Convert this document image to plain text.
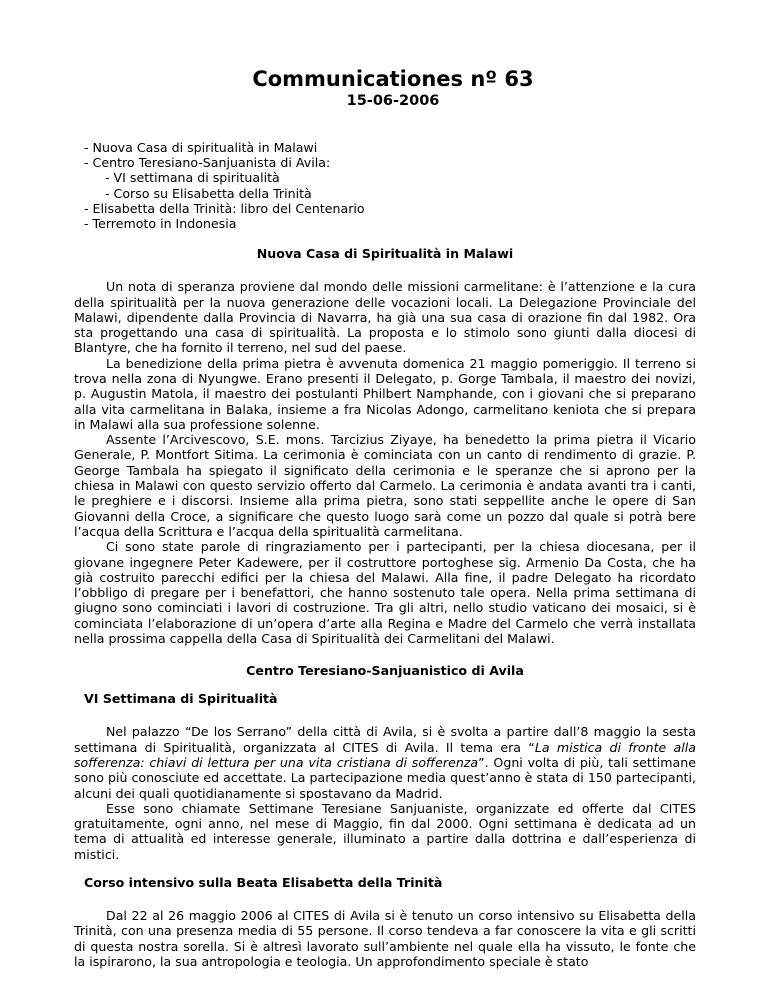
Communicationes nº 63
15-06-2006
- Nuova Casa di spiritualità in Malawi
- Centro Teresiano-Sanjuanista di Avila:
- VI settimana di spiritualità
- Corso su Elisabetta della Trinità
- Elisabetta della Trinità: libro del Centenario
- Terremoto in Indonesia
Nuova Casa di Spiritualità in Malawi

Un nota di speranza proviene dal mondo delle missioni carmelitane: è l’attenzione e la cura della spiritualità per la nuova generazione delle vocazioni locali. La Delegazione Provinciale del Malawi, dipendente dalla Provincia di Navarra, ha già una sua casa di orazione fin dal 1982. Ora sta progettando una casa di spiritualità. La proposta e lo stimolo sono giunti dalla diocesi di Blantyre, che ha fornito il terreno, nel sud del paese.

La benedizione della prima pietra è avvenuta domenica 21 maggio pomeriggio. Il terreno si trova nella zona di Nyungwe. Erano presenti il Delegato, p. Gorge Tambala, il maestro dei novizi, p. Augustin Matola, il maestro dei postulanti Philbert Namphande, con i giovani che si preparano alla vita carmelitana in Balaka, insieme a fra Nicolas Adongo, carmelitano keniota che si prepara in Malawi alla sua professione solenne.

Assente l’Arcivescovo, S.E. mons. Tarcizius Ziyaye, ha benedetto la prima pietra il Vicario Generale, P. Montfort Sitima. La cerimonia è cominciata con un canto di rendimento di grazie. P. George Tambala ha spiegato il significato della cerimonia e le speranze che si aprono per la chiesa in Malawi con questo servizio offerto dal Carmelo. La cerimonia è andata avanti tra i canti, le preghiere e i discorsi. Insieme alla prima pietra, sono stati seppellite anche le opere di San Giovanni della Croce, a significare che questo luogo sarà come un pozzo dal quale si potrà bere l’acqua della Scrittura e l’acqua della spiritualità carmelitana.

Ci sono state parole di ringraziamento per i partecipanti, per la chiesa diocesana, per il giovane ingegnere Peter Kadewere, per il costruttore portoghese sig. Armenio Da Costa, che ha già costruito parecchi edifici per la chiesa del Malawi. Alla fine, il padre Delegato ha ricordato l’obbligo di pregare per i benefattori, che hanno sostenuto tale opera. Nella prima settimana di giugno sono cominciati i lavori di costruzione. Tra gli altri, nello studio vaticano dei mosaici, si è cominciata l’elaborazione di un’opera d’arte alla Regina e Madre del Carmelo che verrà installata nella prossima cappella della Casa di Spiritualità dei Carmelitani del Malawi.

Centro Teresiano-Sanjuanistico di Avila
VI Settimana di Spiritualità

Nel palazzo “De los Serrano” della città di Avila, si è svolta a partire dall’8 maggio la sesta settimana di Spiritualità, organizzata al CITES di Avila. Il tema era “La mistica di fronte alla sofferenza: chiavi di lettura per una vita cristiana di sofferenza”. Ogni volta di più, tali settimane sono più conosciute ed accettate. La partecipazione media quest’anno è stata di 150 partecipanti, alcuni dei quali quotidianamente si spostavano da Madrid.

Esse sono chiamate Settimane Teresiane Sanjuaniste, organizzate ed offerte dal CITES gratuitamente, ogni anno, nel mese di Maggio, fin dal 2000. Ogni settimana è dedicata ad un tema di attualità ed interesse generale, illuminato a partire dalla dottrina e dall’esperienza di mistici.

Corso intensivo sulla Beata Elisabetta della Trinità

Dal 22 al 26 maggio 2006 al CITES di Avila si è tenuto un corso intensivo su Elisabetta della Trinità, con una presenza media di 55 persone. Il corso tendeva a far conoscere la vita e gli scritti di questa nostra sorella. Si è altresì lavorato sull’ambiente nel quale ella ha vissuto, le fonte che la ispirarono, la sua antropologia e teologia. Un approfondimento speciale è stato
